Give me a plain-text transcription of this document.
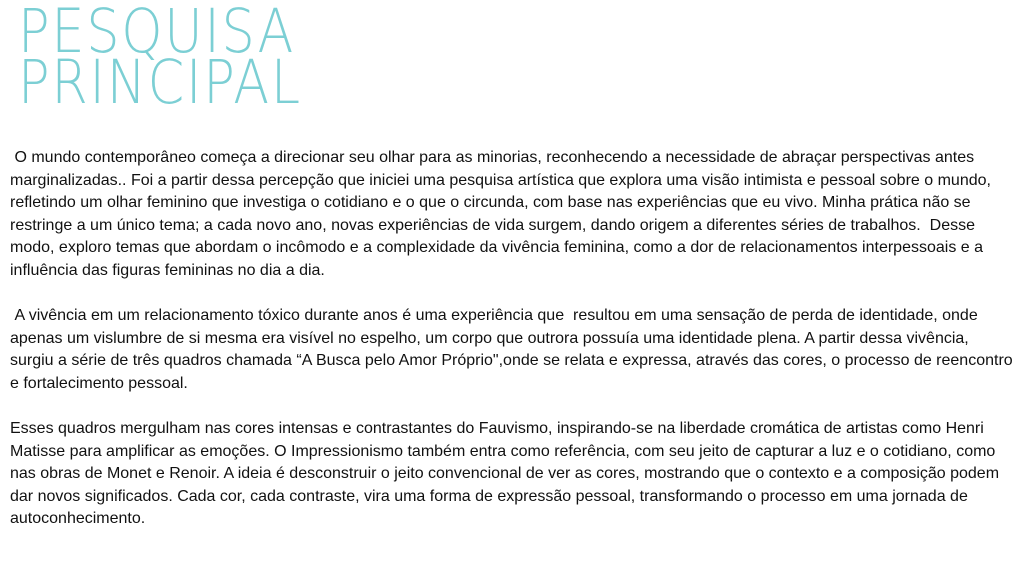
PESQUISA
PRINCIPAL

O mundo contemporâneo começa a direcionar seu olhar para as minorias, reconhecendo a necessidade de abraçar perspectivas antes marginalizadas.. Foi a partir dessa percepção que iniciei uma pesquisa artística que explora uma visão intimista e pessoal sobre o mundo, refletindo um olhar feminino que investiga o cotidiano e o que o circunda, com base nas experiências que eu vivo. Minha prática não se restringe a um único tema; a cada novo ano, novas experiências de vida surgem, dando origem a diferentes séries de trabalhos.  Desse modo, exploro temas que abordam o incômodo e a complexidade da vivência feminina, como a dor de relacionamentos interpessoais e a influência das figuras femininas no dia a dia.

A vivência em um relacionamento tóxico durante anos é uma experiência que  resultou em uma sensação de perda de identidade, onde apenas um vislumbre de si mesma era visível no espelho, um corpo que outrora possuía uma identidade plena. A partir dessa vivência, surgiu a série de três quadros chamada “A Busca pelo Amor Próprio",onde se relata e expressa, através das cores, o processo de reencontro e fortalecimento pessoal.

Esses quadros mergulham nas cores intensas e contrastantes do Fauvismo, inspirando-se na liberdade cromática de artistas como Henri Matisse para amplificar as emoções. O Impressionismo também entra como referência, com seu jeito de capturar a luz e o cotidiano, como nas obras de Monet e Renoir. A ideia é desconstruir o jeito convencional de ver as cores, mostrando que o contexto e a composição podem dar novos significados. Cada cor, cada contraste, vira uma forma de expressão pessoal, transformando o processo em uma jornada de autoconhecimento.
